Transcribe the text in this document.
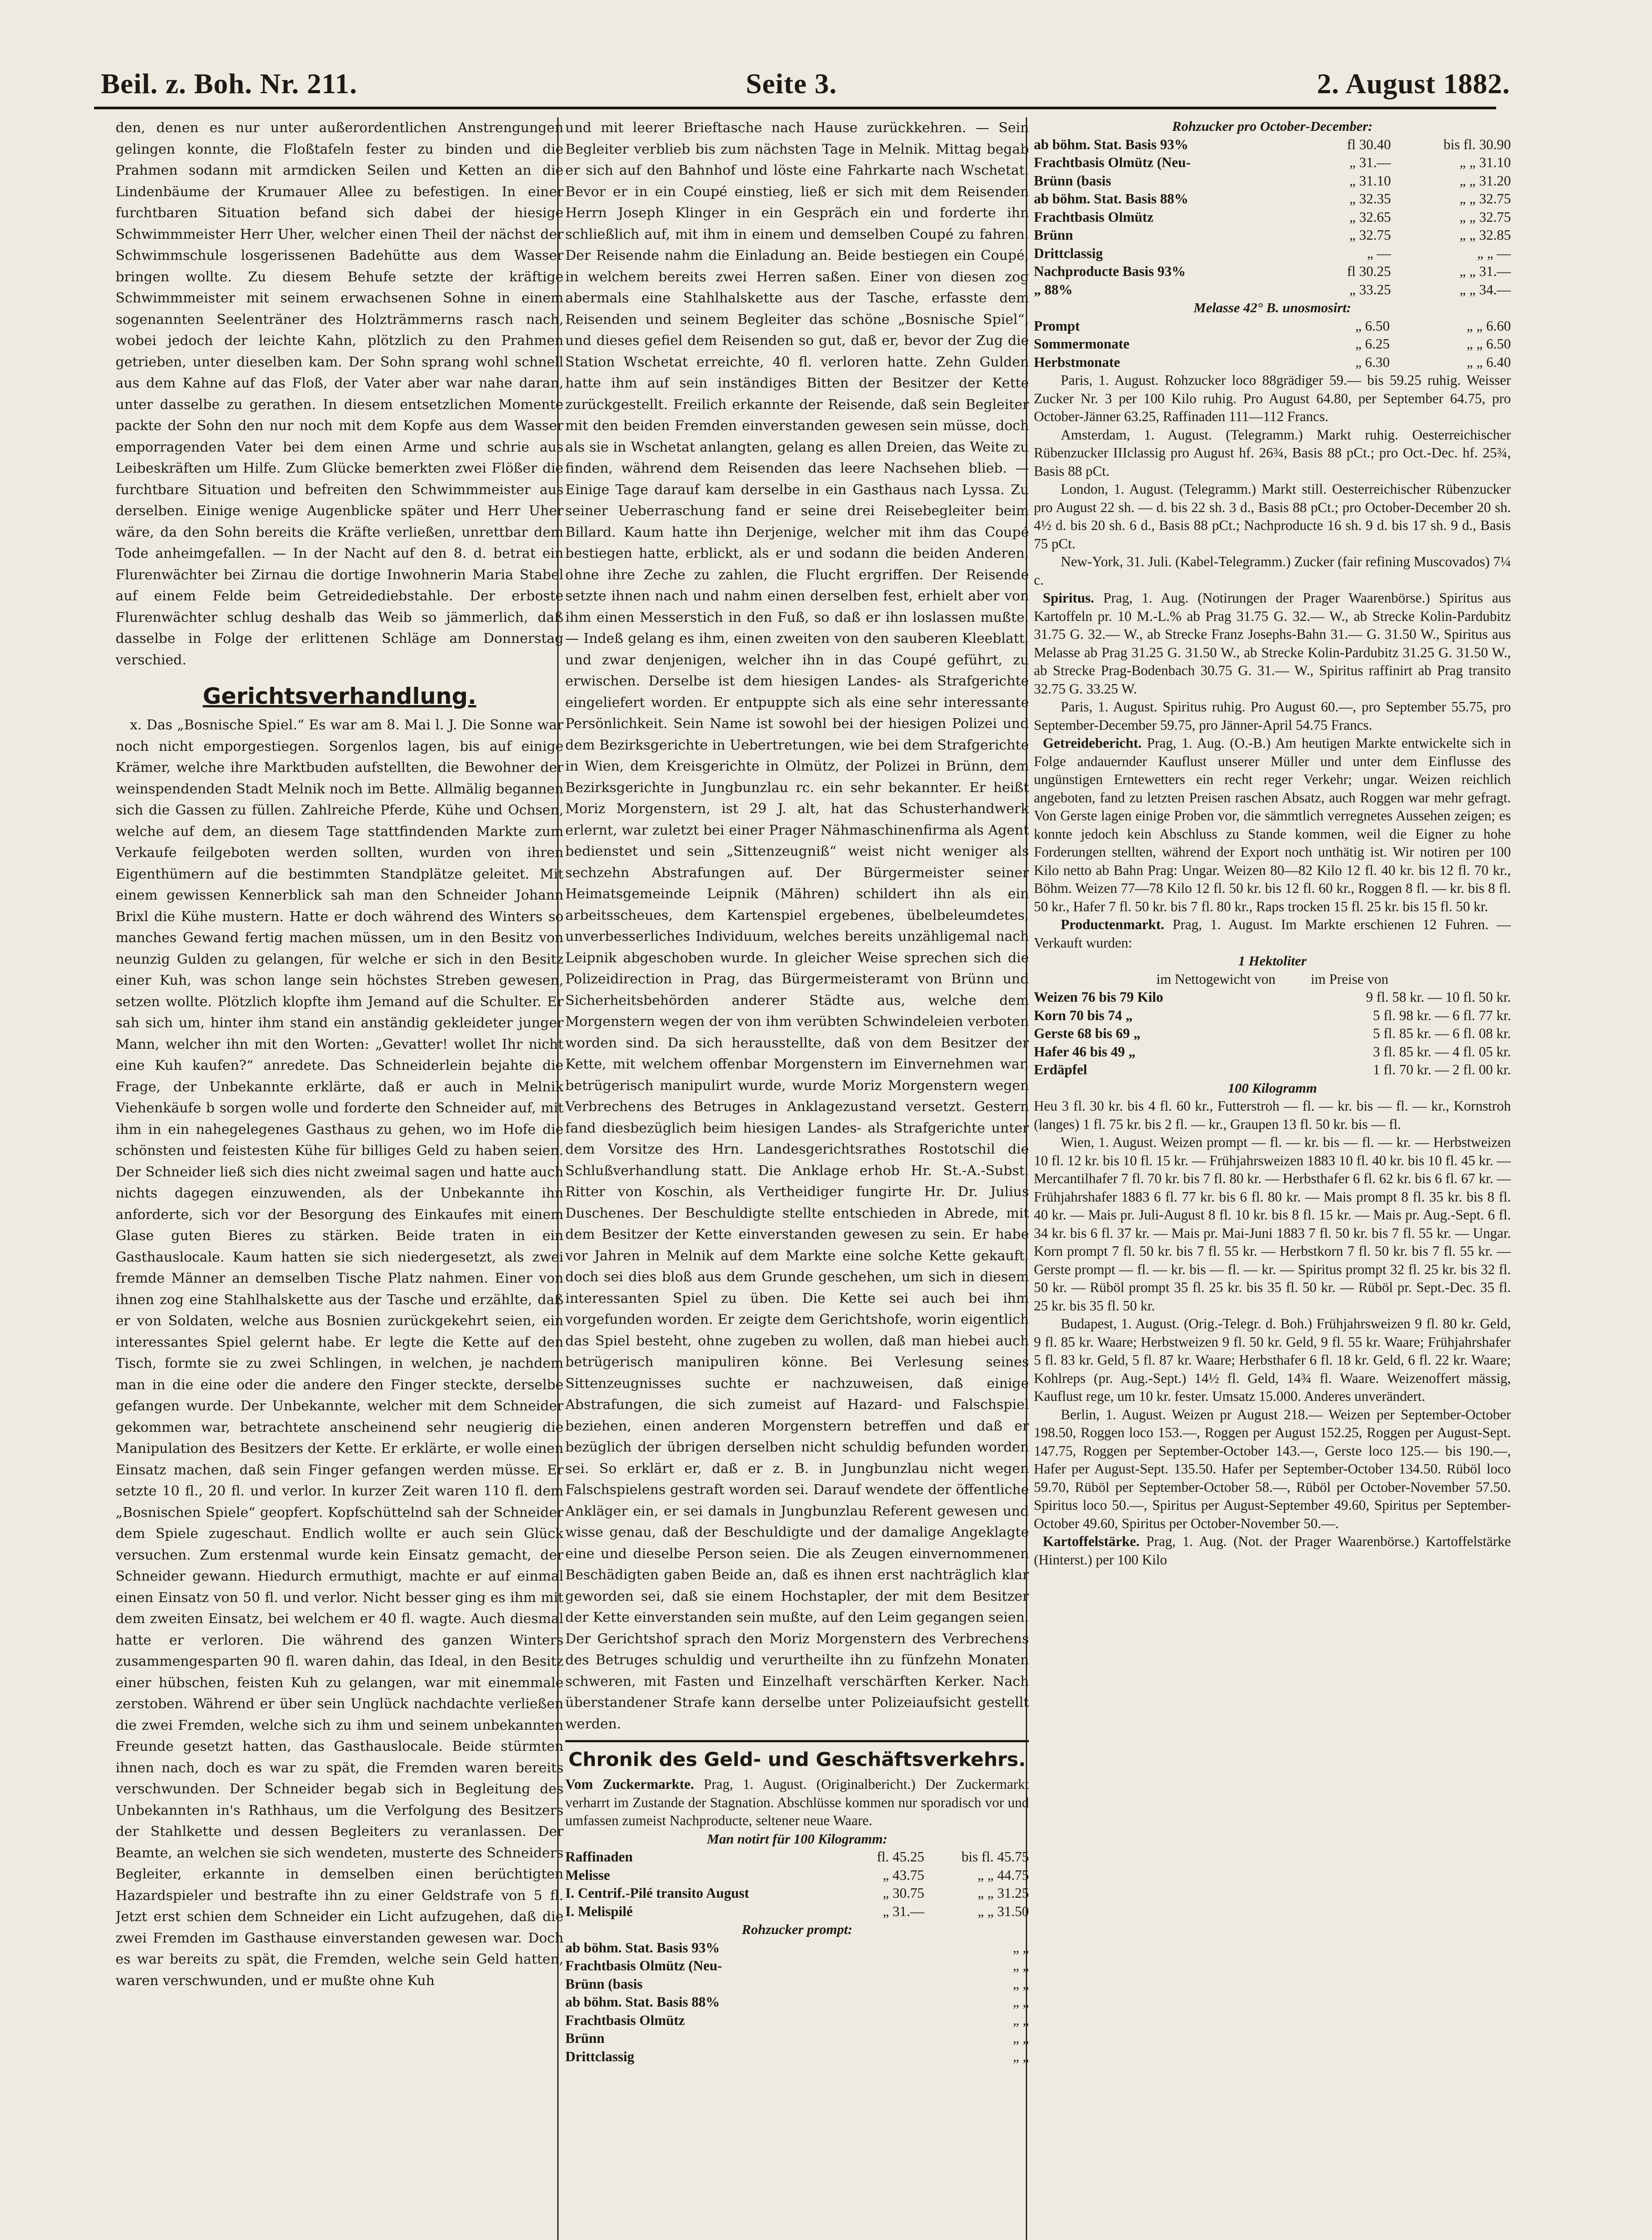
Beil. z. Boh. Nr. 211.	Seite 3.	2. August 1882.

den, denen es nur unter außerordentlichen Anstrengungen gelingen konnte, die Floßtafeln fester zu binden und die Prahmen sodann mit armdicken Seilen und Ketten an die Lindenbäume der Krumauer Allee zu befestigen. In einer furchtbaren Situation befand sich dabei der hiesige Schwimmmeister Herr Uher, welcher einen Theil der nächst der Schwimmschule losgerissenen Badehütte aus dem Wasser bringen wollte. Zu diesem Behufe setzte der kräftige Schwimmmeister mit seinem erwachsenen Sohne in einem sogenannten Seelenträner des Holzträmmerns rasch nach, wobei jedoch der leichte Kahn, plötzlich zu den Prahmen getrieben, unter dieselben kam. Der Sohn sprang wohl schnell aus dem Kahne auf das Floß, der Vater aber war nahe daran, unter dasselbe zu gerathen. In diesem entsetzlichen Momente packte der Sohn den nur noch mit dem Kopfe aus dem Wasser emporragenden Vater bei dem einen Arme und schrie aus Leibeskräften um Hilfe. Zum Glücke bemerkten zwei Flößer die furchtbare Situation und befreiten den Schwimmmeister aus derselben. Einige wenige Augenblicke später und Herr Uher wäre, da den Sohn bereits die Kräfte verließen, unrettbar dem Tode anheimgefallen. — In der Nacht auf den 8. d. betrat ein Flurenwächter bei Zirnau die dortige Inwohnerin Maria Stabel auf einem Felde beim Getreidediebstahle. Der erboste Flurenwächter schlug deshalb das Weib so jämmerlich, daß dasselbe in Folge der erlittenen Schläge am Donnerstag verschied.

Gerichtsverhandlung.

x. Das „Bosnische Spiel.“ Es war am 8. Mai l. J. Die Sonne war noch nicht emporgestiegen. Sorgenlos lagen, bis auf einige Krämer, welche ihre Marktbuden aufstellten, die Bewohner der weinspendenden Stadt Melnik noch im Bette. Allmälig begannen sich die Gassen zu füllen. Zahlreiche Pferde, Kühe und Ochsen, welche auf dem, an diesem Tage stattfindenden Markte zum Verkaufe feilgeboten werden sollten, wurden von ihren Eigenthümern auf die bestimmten Standplätze geleitet. Mit einem gewissen Kennerblick sah man den Schneider Johann Brixl die Kühe mustern. Hatte er doch während des Winters so manches Gewand fertig machen müssen, um in den Besitz von neunzig Gulden zu gelangen, für welche er sich in den Besitz einer Kuh, was schon lange sein höchstes Streben gewesen, setzen wollte. Plötzlich klopfte ihm Jemand auf die Schulter. Er sah sich um, hinter ihm stand ein anständig gekleideter junger Mann, welcher ihn mit den Worten: „Gevatter! wollet Ihr nicht eine Kuh kaufen?“ anredete. Das Schneiderlein bejahte die Frage, der Unbekannte erklärte, daß er auch in Melnik Viehenkäufe b sorgen wolle und forderte den Schneider auf, mit ihm in ein nahegelegenes Gasthaus zu gehen, wo im Hofe die schönsten und feistesten Kühe für billiges Geld zu haben seien. Der Schneider ließ sich dies nicht zweimal sagen und hatte auch nichts dagegen einzuwenden, als der Unbekannte ihn anforderte, sich vor der Besorgung des Einkaufes mit einem Glase guten Bieres zu stärken. Beide traten in ein Gasthauslocale. Kaum hatten sie sich niedergesetzt, als zwei fremde Männer an demselben Tische Platz nahmen. Einer von ihnen zog eine Stahlhalskette aus der Tasche und erzählte, daß er von Soldaten, welche aus Bosnien zurückgekehrt seien, ein interessantes Spiel gelernt habe. Er legte die Kette auf den Tisch, formte sie zu zwei Schlingen, in welchen, je nachdem man in die eine oder die andere den Finger steckte, derselbe gefangen wurde. Der Unbekannte, welcher mit dem Schneider gekommen war, betrachtete anscheinend sehr neugierig die Manipulation des Besitzers der Kette. Er erklärte, er wolle einen Einsatz machen, daß sein Finger gefangen werden müsse. Er setzte 10 fl., 20 fl. und verlor. In kurzer Zeit waren 110 fl. dem „Bosnischen Spiele“ geopfert. Kopfschüttelnd sah der Schneider dem Spiele zugeschaut. Endlich wollte er auch sein Glück versuchen. Zum erstenmal wurde kein Einsatz gemacht, der Schneider gewann. Hiedurch ermuthigt, machte er auf einmal einen Einsatz von 50 fl. und verlor. Nicht besser ging es ihm mit dem zweiten Einsatz, bei welchem er 40 fl. wagte. Auch diesmal hatte er verloren. Die während des ganzen Winters zusammengesparten 90 fl. waren dahin, das Ideal, in den Besitz einer hübschen, feisten Kuh zu gelangen, war mit einemmale zerstoben. Während er über sein Unglück nachdachte verließen die zwei Fremden, welche sich zu ihm und seinem unbekannten Freunde gesetzt hatten, das Gasthauslocale. Beide stürmten ihnen nach, doch es war zu spät, die Fremden waren bereits verschwunden. Der Schneider begab sich in Begleitung des Unbekannten in's Rathhaus, um die Verfolgung des Besitzers der Stahlkette und dessen Begleiters zu veranlassen. Der Beamte, an welchen sie sich wendeten, musterte des Schneiders Begleiter, erkannte in demselben einen berüchtigten Hazardspieler und bestrafte ihn zu einer Geldstrafe von 5 fl. Jetzt erst schien dem Schneider ein Licht aufzugehen, daß die zwei Fremden im Gasthause einverstanden gewesen war. Doch es war bereits zu spät, die Fremden, welche sein Geld hatten, waren verschwunden, und er mußte ohne Kuh

und mit leerer Brieftasche nach Hause zurückkehren. — Sein Begleiter verblieb bis zum nächsten Tage in Melnik. Mittag begab er sich auf den Bahnhof und löste eine Fahrkarte nach Wschetat. Bevor er in ein Coupé einstieg, ließ er sich mit dem Reisenden Herrn Joseph Klinger in ein Gespräch ein und forderte ihn schließlich auf, mit ihm in einem und demselben Coupé zu fahren. Der Reisende nahm die Einladung an. Beide bestiegen ein Coupé, in welchem bereits zwei Herren saßen. Einer von diesen zog abermals eine Stahlhalskette aus der Tasche, erfasste dem Reisenden und seinem Begleiter das schöne „Bosnische Spiel“, und dieses gefiel dem Reisenden so gut, daß er, bevor der Zug die Station Wschetat erreichte, 40 fl. verloren hatte. Zehn Gulden hatte ihm auf sein inständiges Bitten der Besitzer der Kette zurückgestellt. Freilich erkannte der Reisende, daß sein Begleiter mit den beiden Fremden einverstanden gewesen sein müsse, doch als sie in Wschetat anlangten, gelang es allen Dreien, das Weite zu finden, während dem Reisenden das leere Nachsehen blieb. — Einige Tage darauf kam derselbe in ein Gasthaus nach Lyssa. Zu seiner Ueberraschung fand er seine drei Reisebegleiter beim Billard. Kaum hatte ihn Derjenige, welcher mit ihm das Coupé bestiegen hatte, erblickt, als er und sodann die beiden Anderen, ohne ihre Zeche zu zahlen, die Flucht ergriffen. Der Reisende setzte ihnen nach und nahm einen derselben fest, erhielt aber von ihm einen Messerstich in den Fuß, so daß er ihn loslassen mußte. — Indeß gelang es ihm, einen zweiten von den sauberen Kleeblatt, und zwar denjenigen, welcher ihn in das Coupé geführt, zu erwischen. Derselbe ist dem hiesigen Landes- als Strafgerichte eingeliefert worden. Er entpuppte sich als eine sehr interessante Persönlichkeit. Sein Name ist sowohl bei der hiesigen Polizei und dem Bezirksgerichte in Uebertretungen, wie bei dem Strafgerichte in Wien, dem Kreisgerichte in Olmütz, der Polizei in Brünn, dem Bezirksgerichte in Jungbunzlau rc. ein sehr bekannter. Er heißt Moriz Morgenstern, ist 29 J. alt, hat das Schusterhandwerk erlernt, war zuletzt bei einer Prager Nähmaschinenfirma als Agent bedienstet und sein „Sittenzeugniß“ weist nicht weniger als sechzehn Abstrafungen auf. Der Bürgermeister seiner Heimatsgemeinde Leipnik (Mähren) schildert ihn als ein arbeitsscheues, dem Kartenspiel ergebenes, übelbeleumdetes, unverbesserliches Individuum, welches bereits unzähligemal nach Leipnik abgeschoben wurde. In gleicher Weise sprechen sich die Polizeidirection in Prag, das Bürgermeisteramt von Brünn und Sicherheitsbehörden anderer Städte aus, welche dem Morgenstern wegen der von ihm verübten Schwindeleien verboten worden sind. Da sich herausstellte, daß von dem Besitzer der Kette, mit welchem offenbar Morgenstern im Einvernehmen war, betrügerisch manipulirt wurde, wurde Moriz Morgenstern wegen Verbrechens des Betruges in Anklagezustand versetzt. Gestern fand diesbezüglich beim hiesigen Landes- als Strafgerichte unter dem Vorsitze des Hrn. Landesgerichtsrathes Rostotschil die Schlußverhandlung statt. Die Anklage erhob Hr. St.-A.-Subst. Ritter von Koschin, als Vertheidiger fungirte Hr. Dr. Julius Duschenes. Der Beschuldigte stellte entschieden in Abrede, mit dem Besitzer der Kette einverstanden gewesen zu sein. Er habe vor Jahren in Melnik auf dem Markte eine solche Kette gekauft, doch sei dies bloß aus dem Grunde geschehen, um sich in diesem interessanten Spiel zu üben. Die Kette sei auch bei ihm vorgefunden worden. Er zeigte dem Gerichtshofe, worin eigentlich das Spiel besteht, ohne zugeben zu wollen, daß man hiebei auch betrügerisch manipuliren könne. Bei Verlesung seines Sittenzeugnisses suchte er nachzuweisen, daß einige Abstrafungen, die sich zumeist auf Hazard- und Falschspiel beziehen, einen anderen Morgenstern betreffen und daß er bezüglich der übrigen derselben nicht schuldig befunden worden sei. So erklärt er, daß er z. B. in Jungbunzlau nicht wegen Falschspielens gestraft worden sei. Darauf wendete der öffentliche Ankläger ein, er sei damals in Jungbunzlau Referent gewesen und wisse genau, daß der Beschuldigte und der damalige Angeklagte eine und dieselbe Person seien. Die als Zeugen einvernommenen Beschädigten gaben Beide an, daß es ihnen erst nachträglich klar geworden sei, daß sie einem Hochstapler, der mit dem Besitzer der Kette einverstanden sein mußte, auf den Leim gegangen seien. Der Gerichtshof sprach den Moriz Morgenstern des Verbrechens des Betruges schuldig und verurtheilte ihn zu fünfzehn Monaten schweren, mit Fasten und Einzelhaft verschärften Kerker. Nach überstandener Strafe kann derselbe unter Polizeiaufsicht gestellt werden.

Chronik des Geld- und Geschäftsverkehrs.

Vom Zuckermarkte. Prag, 1. August. (Originalbericht.) Der Zuckermarkt verharrt im Zustande der Stagnation. Abschlüsse kommen nur sporadisch vor und umfassen zumeist Nachproducte, seltener neue Waare.

Man notirt für 100 Kilogramm:
Raffinaden	fl. 45.25	bis fl. 45.75
Melisse	„ 43.75	„ „ 44.75
I. Centrif.-Pilé transito August	„ 30.75	„ „ 31.25
I. Melispilé	„ 31.—	„ „ 31.50
Rohzucker prompt:
ab böhm. Stat. Basis 93%	„ „	
Frachtbasis Olmütz (Neu-	„ „	
Brünn (basis	„ „	
ab böhm. Stat. Basis 88%	„ „	
Frachtbasis Olmütz	„ „	
Brünn	„ „	
Drittclassig	„ „	
Rohzucker pro October-December:
ab böhm. Stat. Basis 93%	fl 30.40	bis fl. 30.90
Frachtbasis Olmütz (Neu-	„ 31.—	„ „ 31.10
Brünn (basis	„ 31.10	„ „ 31.20
ab böhm. Stat. Basis 88%	„ 32.35	„ „ 32.75
Frachtbasis Olmütz	„ 32.65	„ „ 32.75
Brünn	„ 32.75	„ „ 32.85
Drittclassig	„ —	„ „ —
Nachproducte Basis 93%	fl 30.25	„ „ 31.—
„ 88%	„ 33.25	„ „ 34.—
Melasse 42° B. unosmosirt:
Prompt	„ 6.50	„ „ 6.60
Sommermonate	„ 6.25	„ „ 6.50
Herbstmonate	„ 6.30	„ „ 6.40

Paris, 1. August. Rohzucker loco 88grädiger 59.— bis 59.25 ruhig. Weisser Zucker Nr. 3 per 100 Kilo ruhig. Pro August 64.80, per September 64.75, pro October-Jänner 63.25, Raffinaden 111—112 Francs.

Amsterdam, 1. August. (Telegramm.) Markt ruhig. Oesterreichischer Rübenzucker IIIclassig pro August hf. 26¾, Basis 88 pCt.; pro Oct.-Dec. hf. 25¾, Basis 88 pCt.

London, 1. August. (Telegramm.) Markt still. Oesterreichischer Rübenzucker pro August 22 sh. — d. bis 22 sh. 3 d., Basis 88 pCt.; pro October-December 20 sh. 4½ d. bis 20 sh. 6 d., Basis 88 pCt.; Nachproducte 16 sh. 9 d. bis 17 sh. 9 d., Basis 75 pCt.

New-York, 31. Juli. (Kabel-Telegramm.) Zucker (fair refining Muscovados) 7¼ c.

Spiritus. Prag, 1. Aug. (Notirungen der Prager Waarenbörse.) Spiritus aus Kartoffeln pr. 10 M.-L.% ab Prag 31.75 G. 32.— W., ab Strecke Kolin-Pardubitz 31.75 G. 32.— W., ab Strecke Franz Josephs-Bahn 31.— G. 31.50 W., Spiritus aus Melasse ab Prag 31.25 G. 31.50 W., ab Strecke Kolin-Pardubitz 31.25 G. 31.50 W., ab Strecke Prag-Bodenbach 30.75 G. 31.— W., Spiritus raffinirt ab Prag transito 32.75 G. 33.25 W.

Paris, 1. August. Spiritus ruhig. Pro August 60.—, pro September 55.75, pro September-December 59.75, pro Jänner-April 54.75 Francs.

Getreidebericht. Prag, 1. Aug. (O.-B.) Am heutigen Markte entwickelte sich in Folge andauernder Kauflust unserer Müller und unter dem Einflusse des ungünstigen Erntewetters ein recht reger Verkehr; ungar. Weizen reichlich angeboten, fand zu letzten Preisen raschen Absatz, auch Roggen war mehr gefragt. Von Gerste lagen einige Proben vor, die sämmtlich verregnetes Aussehen zeigen; es konnte jedoch kein Abschluss zu Stande kommen, weil die Eigner zu hohe Forderungen stellten, während der Export noch unthätig ist. Wir notiren per 100 Kilo netto ab Bahn Prag: Ungar. Weizen 80—82 Kilo 12 fl. 40 kr. bis 12 fl. 70 kr., Böhm. Weizen 77—78 Kilo 12 fl. 50 kr. bis 12 fl. 60 kr., Roggen 8 fl. — kr. bis 8 fl. 50 kr., Hafer 7 fl. 50 kr. bis 7 fl. 80 kr., Raps trocken 15 fl. 25 kr. bis 15 fl. 50 kr.

Productenmarkt. Prag, 1. August. Im Markte erschienen 12 Fuhren. — Verkauft wurden:

1 Hektoliter
im Nettogewicht von          im Preise von
Weizen 76 bis 79 Kilo	9 fl. 58 kr. — 10 fl. 50 kr.
Korn 70 bis 74 „	5 fl. 98 kr. — 6 fl. 77 kr.
Gerste 68 bis 69 „	5 fl. 85 kr. — 6 fl. 08 kr.
Hafer 46 bis 49 „	3 fl. 85 kr. — 4 fl. 05 kr.
Erdäpfel	1 fl. 70 kr. — 2 fl. 00 kr.
100 Kilogramm

Heu 3 fl. 30 kr. bis 4 fl. 60 kr., Futterstroh — fl. — kr. bis — fl. — kr., Kornstroh (langes) 1 fl. 75 kr. bis 2 fl. — kr., Graupen 13 fl. 50 kr. bis — fl.

Wien, 1. August. Weizen prompt — fl. — kr. bis — fl. — kr. — Herbstweizen 10 fl. 12 kr. bis 10 fl. 15 kr. — Frühjahrsweizen 1883 10 fl. 40 kr. bis 10 fl. 45 kr. — Mercantilhafer 7 fl. 70 kr. bis 7 fl. 80 kr. — Herbsthafer 6 fl. 62 kr. bis 6 fl. 67 kr. — Frühjahrshafer 1883 6 fl. 77 kr. bis 6 fl. 80 kr. — Mais prompt 8 fl. 35 kr. bis 8 fl. 40 kr. — Mais pr. Juli-August 8 fl. 10 kr. bis 8 fl. 15 kr. — Mais pr. Aug.-Sept. 6 fl. 34 kr. bis 6 fl. 37 kr. — Mais pr. Mai-Juni 1883 7 fl. 50 kr. bis 7 fl. 55 kr. — Ungar. Korn prompt 7 fl. 50 kr. bis 7 fl. 55 kr. — Herbstkorn 7 fl. 50 kr. bis 7 fl. 55 kr. — Gerste prompt — fl. — kr. bis — fl. — kr. — Spiritus prompt 32 fl. 25 kr. bis 32 fl. 50 kr. — Rüböl prompt 35 fl. 25 kr. bis 35 fl. 50 kr. — Rüböl pr. Sept.-Dec. 35 fl. 25 kr. bis 35 fl. 50 kr.

Budapest, 1. August. (Orig.-Telegr. d. Boh.) Frühjahrsweizen 9 fl. 80 kr. Geld, 9 fl. 85 kr. Waare; Herbstweizen 9 fl. 50 kr. Geld, 9 fl. 55 kr. Waare; Frühjahrshafer 5 fl. 83 kr. Geld, 5 fl. 87 kr. Waare; Herbsthafer 6 fl. 18 kr. Geld, 6 fl. 22 kr. Waare; Kohlreps (pr. Aug.-Sept.) 14½ fl. Geld, 14¾ fl. Waare. Weizenoffert mässig, Kauflust rege, um 10 kr. fester. Umsatz 15.000. Anderes unverändert.

Berlin, 1. August. Weizen pr August 218.— Weizen per September-October 198.50, Roggen loco 153.—, Roggen per August 152.25, Roggen per August-Sept. 147.75, Roggen per September-October 143.—, Gerste loco 125.— bis 190.—, Hafer per August-Sept. 135.50. Hafer per September-October 134.50. Rüböl loco 59.70, Rüböl per September-October 58.—, Rüböl per October-November 57.50. Spiritus loco 50.—, Spiritus per August-September 49.60, Spiritus per September-October 49.60, Spiritus per October-November 50.—.

Kartoffelstärke. Prag, 1. Aug. (Not. der Prager Waarenbörse.) Kartoffelstärke (Hinterst.) per 100 Kilo
